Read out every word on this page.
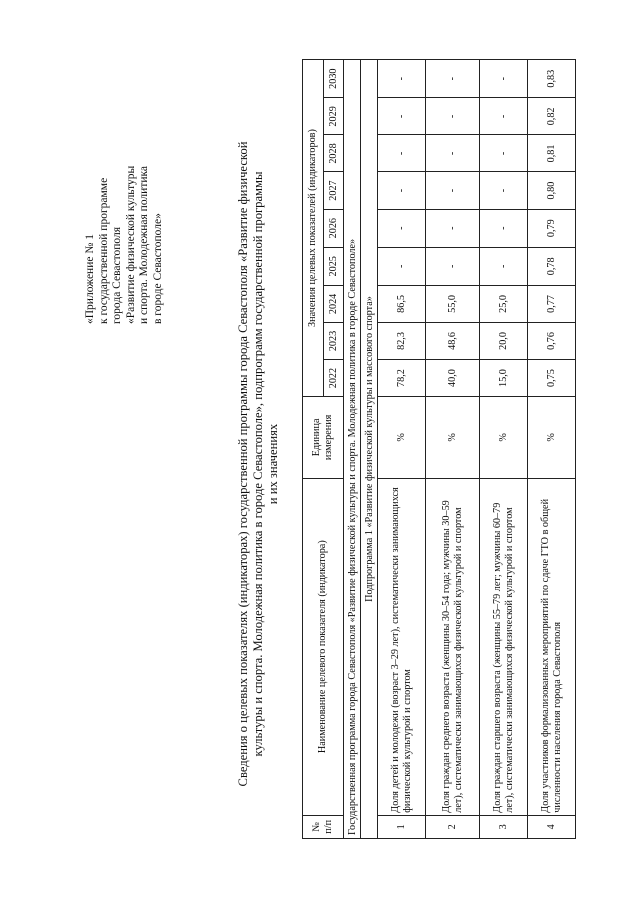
«Приложение № 1 к государственной программе города Севастополя «Развитие физической культуры и спорта. Молодежная политика в городе Севастополе»	Сведения о целевых показателях (индикаторах) государственной программы города Севастополя «Развитие физической культуры и спорта. Молодежная политика в городе Севастополе», подпрограмм государственной программы и их значениях
№ п/п	Наименование целевого показателя (индикатора)	Единица измерения	Значения целевых показателей (индикаторов)								
			2022	2023	2024	2025	2026	2027	2028	2029	2030
Государственная программа города Севастополя «Развитие физической культуры и спорта. Молодежная политика в городе Севастополе»											
Подпрограмма 1 «Развитие физической культуры и массового спорта»											
1	Доля детей и молодежи (возраст 3–29 лет), систематически занимающихся физической культурой и спортом	%	78,2	82,3	86,5	-	-	-	-	-	-
2	Доля граждан среднего возраста (женщины 30–54 года; мужчины 30–59 лет), систематически занимающихся физической культурой и спортом	%	40,0	48,6	55,0	-	-	-	-	-	-
3	Доля граждан старшего возраста (женщины 55–79 лет; мужчины 60–79 лет), систематически занимающихся физической культурой и спортом	%	15,0	20,0	25,0	-	-	-	-	-	-
4	Доля участников формализованных мероприятий по сдаче ГТО в общей численности населения города Севастополя	%	0,75	0,76	0,77	0,78	0,79	0,80	0,81	0,82	0,83
